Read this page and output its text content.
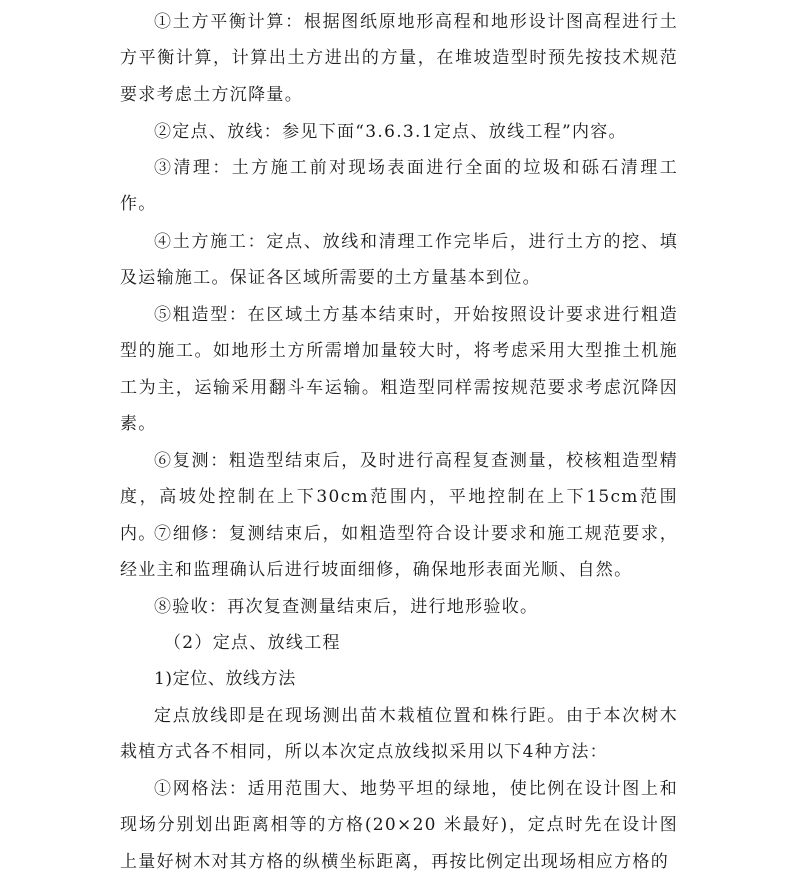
①土方平衡计算：根据图纸原地形高程和地形设计图高程进行土方平衡计算，计算出土方进出的方量，在堆坡造型时预先按技术规范要求考虑土方沉降量。

②定点、放线：参见下面“3.6.3.1定点、放线工程”内容。

③清理：土方施工前对现场表面进行全面的垃圾和砾石清理工作。

④土方施工：定点、放线和清理工作完毕后，进行土方的挖、填及运输施工。保证各区域所需要的土方量基本到位。

⑤粗造型：在区域土方基本结束时，开始按照设计要求进行粗造型的施工。如地形土方所需增加量较大时，将考虑采用大型推土机施工为主，运输采用翻斗车运输。粗造型同样需按规范要求考虑沉降因素。

⑥复测：粗造型结束后，及时进行高程复查测量，校核粗造型精度，高坡处控制在上下30cm范围内，平地控制在上下15cm范围内。

⑦细修：复测结束后，如粗造型符合设计要求和施工规范要求，经业主和监理确认后进行坡面细修，确保地形表面光顺、自然。

⑧验收：再次复查测量结束后，进行地形验收。

（2）定点、放线工程

1)定位、放线方法

定点放线即是在现场测出苗木栽植位置和株行距。由于本次树木栽植方式各不相同，所以本次定点放线拟采用以下4种方法：

①网格法：适用范围大、地势平坦的绿地，使比例在设计图上和现场分别划出距离相等的方格(20×20 米最好)，定点时先在设计图上量好树木对其方格的纵横坐标距离，再按比例定出现场相应方格的
